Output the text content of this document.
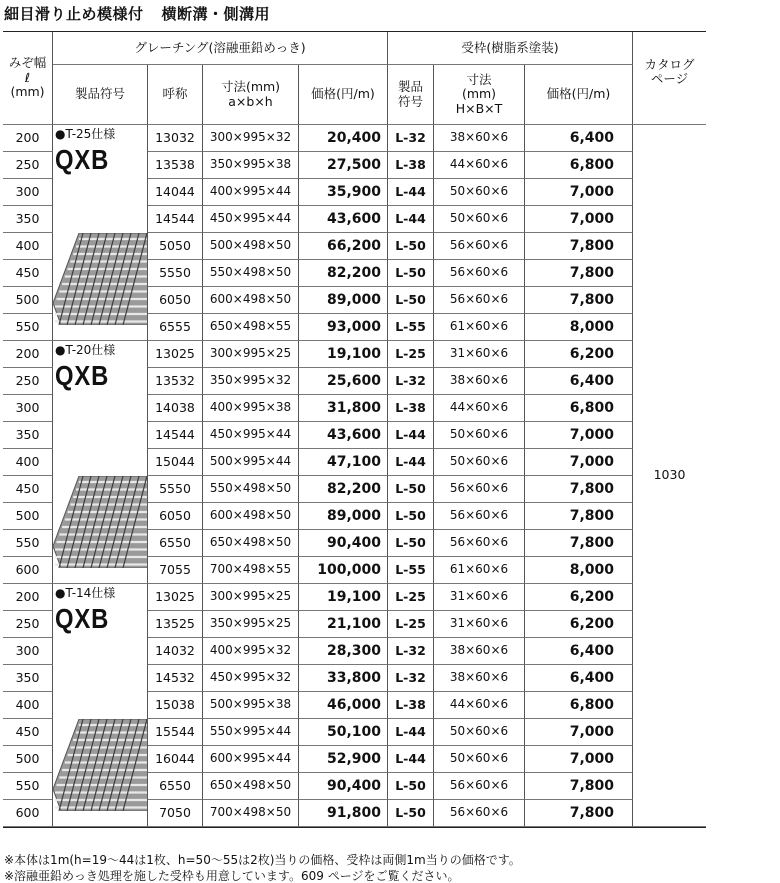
細目滑り止め模様付 横断溝・側溝用
みぞ幅
ℓ
(mm)
グレーチング(溶融亜鉛めっき)	受枠(樹脂系塗装)
カタログ
ページ
製品符号	呼称	寸法(mm)
a×b×h	価格(円/m)	製品
符号
寸法
(mm)
H×B×T
価格(円/m)
1030
●T-25仕様
QXB
200	13032	300×995×32	20,400	L-32	38×60×6	6,400
250	13538	350×995×38	27,500	L-38	44×60×6	6,800
300	14044	400×995×44	35,900	L-44	50×60×6	7,000
350	14544	450×995×44	43,600	L-44	50×60×6	7,000
400	5050	500×498×50	66,200	L-50	56×60×6	7,800
450	5550	550×498×50	82,200	L-50	56×60×6	7,800
500	6050	600×498×50	89,000	L-50	56×60×6	7,800
550	6555	650×498×55	93,000	L-55	61×60×6	8,000
●T-20仕様
QXB
200	13025	300×995×25	19,100	L-25	31×60×6	6,200
250	13532	350×995×32	25,600	L-32	38×60×6	6,400
300	14038	400×995×38	31,800	L-38	44×60×6	6,800
350	14544	450×995×44	43,600	L-44	50×60×6	7,000
400	15044	500×995×44	47,100	L-44	50×60×6	7,000
450	5550	550×498×50	82,200	L-50	56×60×6	7,800
500	6050	600×498×50	89,000	L-50	56×60×6	7,800
550	6550	650×498×50	90,400	L-50	56×60×6	7,800
600	7055	700×498×55	100,000	L-55	61×60×6	8,000
●T-14仕様
QXB
200	13025	300×995×25	19,100	L-25	31×60×6	6,200
250	13525	350×995×25	21,100	L-25	31×60×6	6,200
300	14032	400×995×32	28,300	L-32	38×60×6	6,400
350	14532	450×995×32	33,800	L-32	38×60×6	6,400
400	15038	500×995×38	46,000	L-38	44×60×6	6,800
450	15544	550×995×44	50,100	L-44	50×60×6	7,000
500	16044	600×995×44	52,900	L-44	50×60×6	7,000
550	6550	650×498×50	90,400	L-50	56×60×6	7,800
600	7050	700×498×50	91,800	L-50	56×60×6	7,800
※本体は1m(h=19〜44は1枚、h=50〜55は2枚)当りの価格、受枠は両側1m当りの価格です。
※溶融亜鉛めっき処理を施した受枠も用意しています。609 ページをご覧ください。
